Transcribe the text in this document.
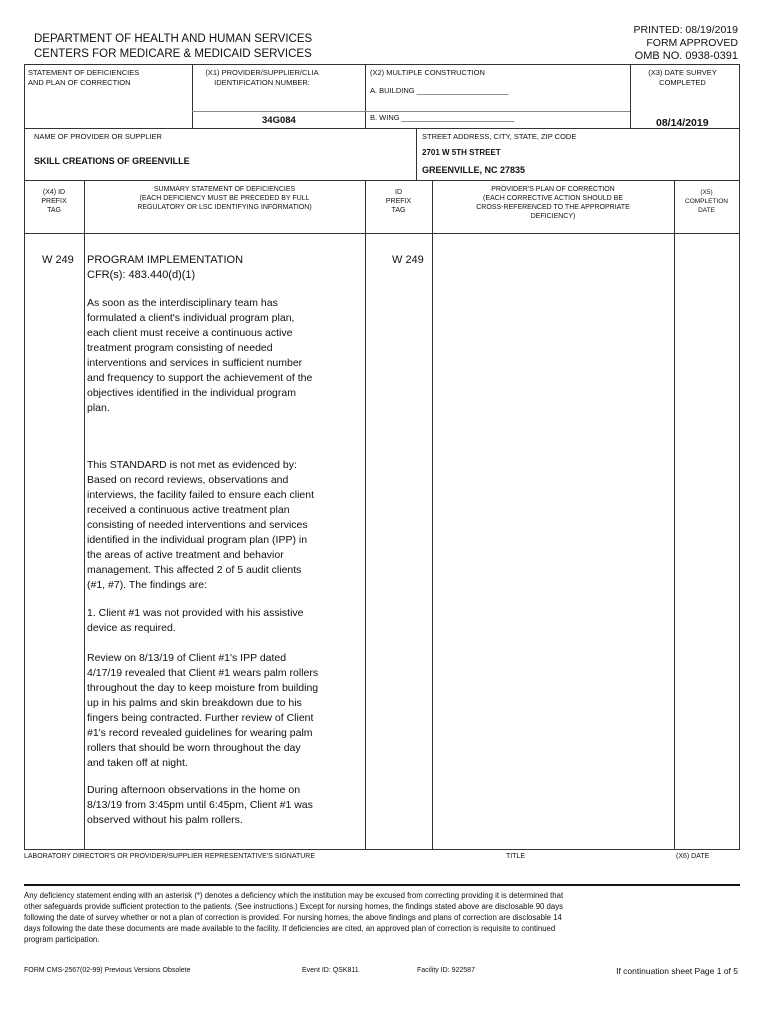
DEPARTMENT OF HEALTH AND HUMAN SERVICES
CENTERS FOR MEDICARE & MEDICAID SERVICES
PRINTED: 08/19/2019
FORM APPROVED
OMB NO. 0938-0391
STATEMENT OF DEFICIENCIES
AND PLAN OF CORRECTION
(X1) PROVIDER/SUPPLIER/CLIA
IDENTIFICATION NUMBER:
34G084
(X2) MULTIPLE CONSTRUCTION
A. BUILDING ______________________
B. WING ___________________________
(X3) DATE SURVEY
COMPLETED
08/14/2019
NAME OF PROVIDER OR SUPPLIER
SKILL CREATIONS OF GREENVILLE
STREET ADDRESS, CITY, STATE, ZIP CODE
2701 W 5TH STREET
GREENVILLE, NC 27835
(X4) ID
PREFIX
TAG
SUMMARY STATEMENT OF DEFICIENCIES
(EACH DEFICIENCY MUST BE PRECEDED BY FULL
REGULATORY OR LSC IDENTIFYING INFORMATION)
ID
PREFIX
TAG
PROVIDER'S PLAN OF CORRECTION
(EACH CORRECTIVE ACTION SHOULD BE
CROSS-REFERENCED TO THE APPROPRIATE
DEFICIENCY)
(X5)
COMPLETION
DATE
W 249	W 249
PROGRAM IMPLEMENTATION
CFR(s): 483.440(d)(1)
As soon as the interdisciplinary team has
formulated a client's individual program plan,
each client must receive a continuous active
treatment program consisting of needed
interventions and services in sufficient number
and frequency to support the achievement of the
objectives identified in the individual program
plan.
This STANDARD is not met as evidenced by:
Based on record reviews, observations and
interviews, the facility failed to ensure each client
received a continuous active treatment plan
consisting of needed interventions and services
identified in the individual program plan (IPP) in
the areas of active treatment and behavior
management. This affected 2 of 5 audit clients
(#1, #7). The findings are:
1. Client #1 was not provided with his assistive
device as required.
Review on 8/13/19 of Client #1's IPP dated
4/17/19 revealed that Client #1 wears palm rollers
throughout the day to keep moisture from building
up in his palms and skin breakdown due to his
fingers being contracted. Further review of Client
#1's record revealed guidelines for wearing palm
rollers that should be worn throughout the day
and taken off at night.
During afternoon observations in the home on
8/13/19 from 3:45pm until 6:45pm, Client #1 was
observed without his palm rollers.
LABORATORY DIRECTOR'S OR PROVIDER/SUPPLIER REPRESENTATIVE'S SIGNATURE	TITLE	(X6) DATE
Any deficiency statement ending with an asterisk (*) denotes a deficiency which the institution may be excused from correcting providing it is determined that
other safeguards provide sufficient protection to the patients. (See instructions.) Except for nursing homes, the findings stated above are disclosable 90 days
following the date of survey whether or not a plan of correction is provided. For nursing homes, the above findings and plans of correction are disclosable 14
days following the date these documents are made available to the facility. If deficiencies are cited, an approved plan of correction is requisite to continued
program participation.
FORM CMS-2567(02-99) Previous Versions Obsolete	Event ID: QSK811	Facility ID: 922587	If continuation sheet Page 1 of 5
